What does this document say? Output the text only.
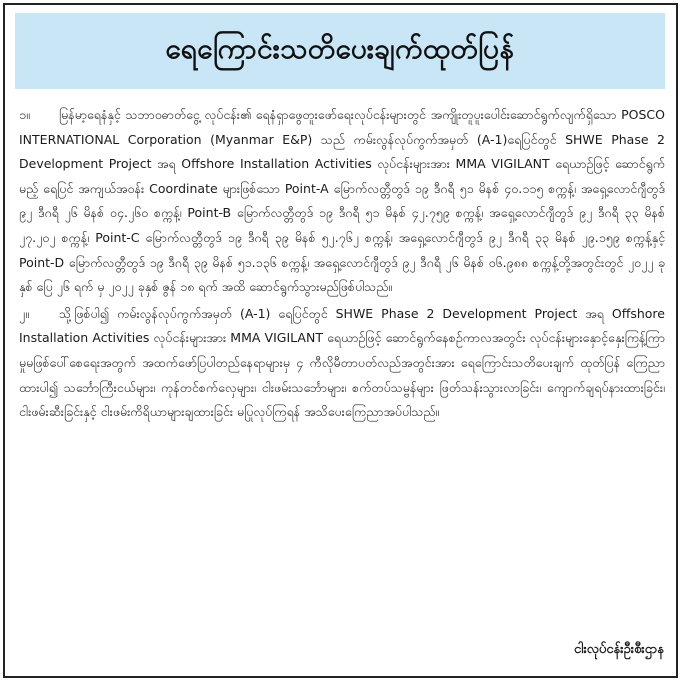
ရေကြောင်းသတိပေးချက်ထုတ်ပြန်

၁။ မြန်မာ့ရေနံနှင့် သဘာဝဓာတ်ငွေ့ လုပ်ငန်း၏ ရေနံရှာဖွေတူးဖော်ရေးလုပ်ငန်းများတွင် အကျိုးတူပူးပေါင်းဆောင်ရွက်လျက်ရှိသော POSCO INTERNATIONAL Corporation (Myanmar E&P) သည် ကမ်းလွန်လုပ်ကွက်အမှတ် (A-1)ရေပြင်တွင် SHWE Phase 2 Development Project အရ Offshore Installation Activities လုပ်ငန်းများအား MMA VIGILANT ရေယာဉ်ဖြင့် ဆောင်ရွက်မည့် ရေပြင် အကျယ်အဝန်း Coordinate များဖြစ်သော Point-A မြောက်လတ္တီတွဒ် ၁၉ ဒီဂရီ ၅၁ မိနစ် ၄၀.၁၁၅ စက္ကန့်၊ အရှေ့လောင်ဂျီတွဒ် ၉၂ ဒီဂရီ ၂၆ မိနစ် ၀၄.၂၆၀ စက္ကန့်၊ Point-B မြောက်လတ္တီတွဒ် ၁၉ ဒီဂရီ ၅၁ မိနစ် ၄၂.၇၅၉ စက္ကန့်၊ အရှေ့လောင်ဂျီတွဒ် ၉၂ ဒီဂရီ ၃၃ မိနစ် ၂၇.၂၀၂ စက္ကန့်၊ Point-C မြောက်လတ္တီတွဒ် ၁၉ ဒီဂရီ ၃၉ မိနစ် ၅၂.၇၆၂ စက္ကန့်၊ အရှေ့လောင်ဂျီတွဒ် ၉၂ ဒီဂရီ ၃၃ မိနစ် ၂၉.၁၅၉ စက္ကန့်နှင့် Point-D မြောက်လတ္တီတွဒ် ၁၉ ဒီဂရီ ၃၉ မိနစ် ၅၁.၁၃၆ စက္ကန့်၊ အရှေ့လောင်ဂျီတွဒ် ၉၂ ဒီဂရီ ၂၆ မိနစ် ၀၆.၉၈၈ စက္ကန့်တို့အတွင်းတွင် ၂၀၂၂ ခုနှစ် ပြေ ၂၆ ရက် မှ ၂၀၂၂ ခုနှစ် ဇွန် ၁၈ ရက် အထိ ဆောင်ရွက်သွားမည်ဖြစ်ပါသည်။

၂။ သို့ဖြစ်ပါ၍ ကမ်းလွန်လုပ်ကွက်အမှတ် (A-1) ရေပြင်တွင် SHWE Phase 2 Development Project အရ Offshore Installation Activities လုပ်ငန်းများအား MMA VIGILANT ရေယာဉ်ဖြင့် ဆောင်ရွက်နေစဉ်ကာလအတွင်း လုပ်ငန်းများနှောင့်နှေးကြန့်ကြာမှုမဖြစ်ပေါ်စေရေးအတွက် အထက်ဖော်ပြပါတည်နေရာများမှ ၄ ကီလိုမီတာပတ်လည်အတွင်းအား ရေကြောင်းသတိပေးချက် ထုတ်ပြန် ကြေညာထားပါ၍ သင်္ဘောကြီးငယ်များ၊ ကုန်တင်စက်လှေများ၊ ငါးဖမ်းသင်္ဘောများ၊ စက်တပ်သမ္ဗန်များ ဖြတ်သန်းသွားလာခြင်း၊ ကျောက်ချရပ်နားထားခြင်း၊ ငါးဖမ်းဆီးခြင်းနှင့် ငါးဖမ်းကိရိယာများချထားခြင်း မပြုလုပ်ကြရန် အသိပေးကြေညာအပ်ပါသည်။

ငါးလုပ်ငန်းဦးစီးဌာန
